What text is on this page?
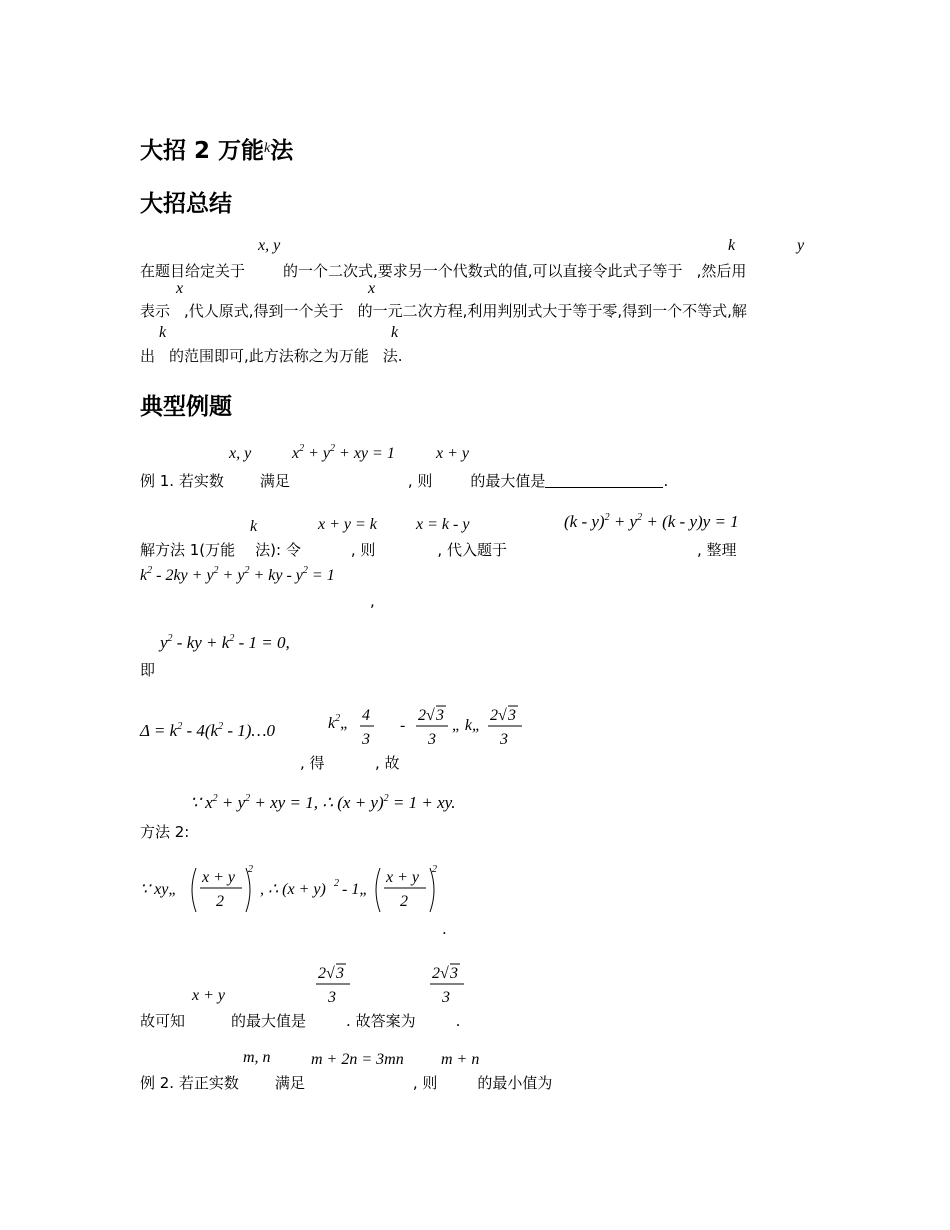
大招 2 万能$^k$法
大招总结
x, y	k	y
在题目给定关于	的一个二次式,要求另一个代数式的值,可以直接令此式子等于 ,然后用
x	x
表示 ,代人原式,得到一个关于 的一元二次方程,利用判别式大于等于零,得到一个不等式,解
k	k
出 的范围即可,此方法称之为万能 法.
典型例题
x, y	$x^2 + y^2$ + xy = 1	x + y
例 1. 若实数 满足	, 则	的最大值是	.
k	x + y = k x = k - y	$(k - y)^2 + y^2 + (k - y)y = 1$
解方法 1(万能 法): 令	, 则	, 代入题于	, 整理
$k^2 - 2ky + y^2 + y^2$ + ky - $y^2 = 1$
,
$y^2$ - ky + $k^2 - 1 = 0$,
即
$\Delta = k^2 - 4(k^2$ - 1)…0	$k^2„$ 4
3
-
2 √ 3
3
„ k„
2 √ 3
3
, 得	, 故
∵ $x^2 + y^2$ + xy = 1, ∴ $(x + y)^2 = 1$ + xy.
方法 2:
∵ xy„
x + y
2
2
, ∴ (x + y) 2 - 1„
x + y
2
2
.
x + y
2 √ 3
3
2 √ 3
3
故可知	的最大值是	. 故答案为	.
m, n	m + 2n = 3mn m + n
例 2. 若正实数 满足	, 则	的最小值为
